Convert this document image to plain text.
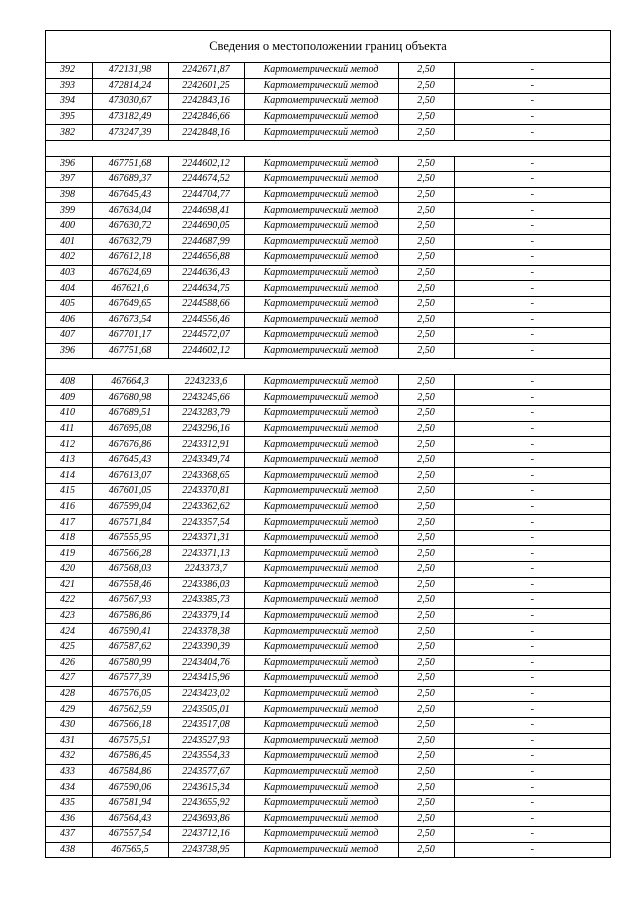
Сведения о местоположении границ объекта
392	472131,98	2242671,87	Картометрический метод	2,50	-
393	472814,24	2242601,25	Картометрический метод	2,50	-
394	473030,67	2242843,16	Картометрический метод	2,50	-
395	473182,49	2242846,66	Картометрический метод	2,50	-
382	473247,39	2242848,16	Картометрический метод	2,50	-

396	467751,68	2244602,12	Картометрический метод	2,50	-
397	467689,37	2244674,52	Картометрический метод	2,50	-
398	467645,43	2244704,77	Картометрический метод	2,50	-
399	467634,04	2244698,41	Картометрический метод	2,50	-
400	467630,72	2244690,05	Картометрический метод	2,50	-
401	467632,79	2244687,99	Картометрический метод	2,50	-
402	467612,18	2244656,88	Картометрический метод	2,50	-
403	467624,69	2244636,43	Картометрический метод	2,50	-
404	467621,6	2244634,75	Картометрический метод	2,50	-
405	467649,65	2244588,66	Картометрический метод	2,50	-
406	467673,54	2244556,46	Картометрический метод	2,50	-
407	467701,17	2244572,07	Картометрический метод	2,50	-
396	467751,68	2244602,12	Картометрический метод	2,50	-

408	467664,3	2243233,6	Картометрический метод	2,50	-
409	467680,98	2243245,66	Картометрический метод	2,50	-
410	467689,51	2243283,79	Картометрический метод	2,50	-
411	467695,08	2243296,16	Картометрический метод	2,50	-
412	467676,86	2243312,91	Картометрический метод	2,50	-
413	467645,43	2243349,74	Картометрический метод	2,50	-
414	467613,07	2243368,65	Картометрический метод	2,50	-
415	467601,05	2243370,81	Картометрический метод	2,50	-
416	467599,04	2243362,62	Картометрический метод	2,50	-
417	467571,84	2243357,54	Картометрический метод	2,50	-
418	467555,95	2243371,31	Картометрический метод	2,50	-
419	467566,28	2243371,13	Картометрический метод	2,50	-
420	467568,03	2243373,7	Картометрический метод	2,50	-
421	467558,46	2243386,03	Картометрический метод	2,50	-
422	467567,93	2243385,73	Картометрический метод	2,50	-
423	467586,86	2243379,14	Картометрический метод	2,50	-
424	467590,41	2243378,38	Картометрический метод	2,50	-
425	467587,62	2243390,39	Картометрический метод	2,50	-
426	467580,99	2243404,76	Картометрический метод	2,50	-
427	467577,39	2243415,96	Картометрический метод	2,50	-
428	467576,05	2243423,02	Картометрический метод	2,50	-
429	467562,59	2243505,01	Картометрический метод	2,50	-
430	467566,18	2243517,08	Картометрический метод	2,50	-
431	467575,51	2243527,93	Картометрический метод	2,50	-
432	467586,45	2243554,33	Картометрический метод	2,50	-
433	467584,86	2243577,67	Картометрический метод	2,50	-
434	467590,06	2243615,34	Картометрический метод	2,50	-
435	467581,94	2243655,92	Картометрический метод	2,50	-
436	467564,43	2243693,86	Картометрический метод	2,50	-
437	467557,54	2243712,16	Картометрический метод	2,50	-
438	467565,5	2243738,95	Картометрический метод	2,50	-
